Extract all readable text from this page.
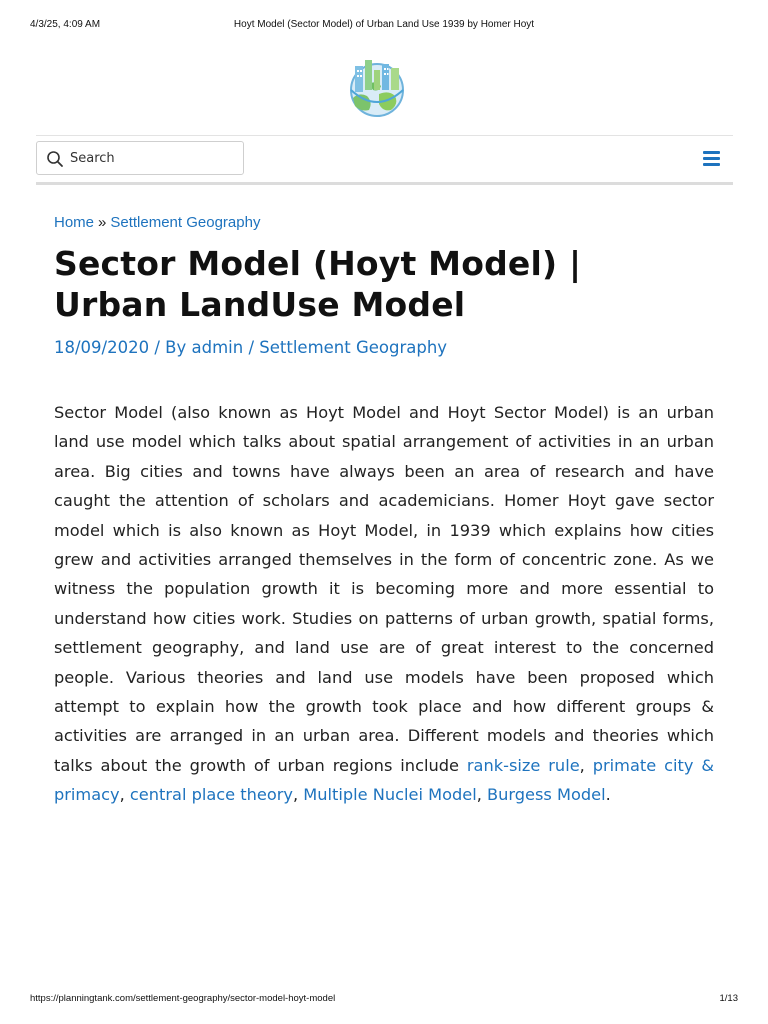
4/3/25, 4:09 AM	Hoyt Model (Sector Model) of Urban Land Use 1939 by Homer Hoyt
Search
Home » Settlement Geography
Sector Model (Hoyt Model) | Urban LandUse Model
18/09/2020 / By admin / Settlement Geography

Sector Model (also known as Hoyt Model and Hoyt Sector Model) is an urban land use model which talks about spatial arrangement of activities in an urban area. Big cities and towns have always been an area of research and have caught the attention of scholars and academicians. Homer Hoyt gave sector model which is also known as Hoyt Model, in 1939 which explains how cities grew and activities arranged themselves in the form of concentric zone. As we witness the population growth it is becoming more and more essential to understand how cities work. Studies on patterns of urban growth, spatial forms, settlement geography, and land use are of great interest to the concerned people. Various theories and land use models have been proposed which attempt to explain how the growth took place and how different groups & activities are arranged in an urban area. Different models and theories which talks about the growth of urban regions include rank-size rule, primate city & primacy, central place theory, Multiple Nuclei Model, Burgess Model.

https://planningtank.com/settlement-geography/sector-model-hoyt-model	1/13
